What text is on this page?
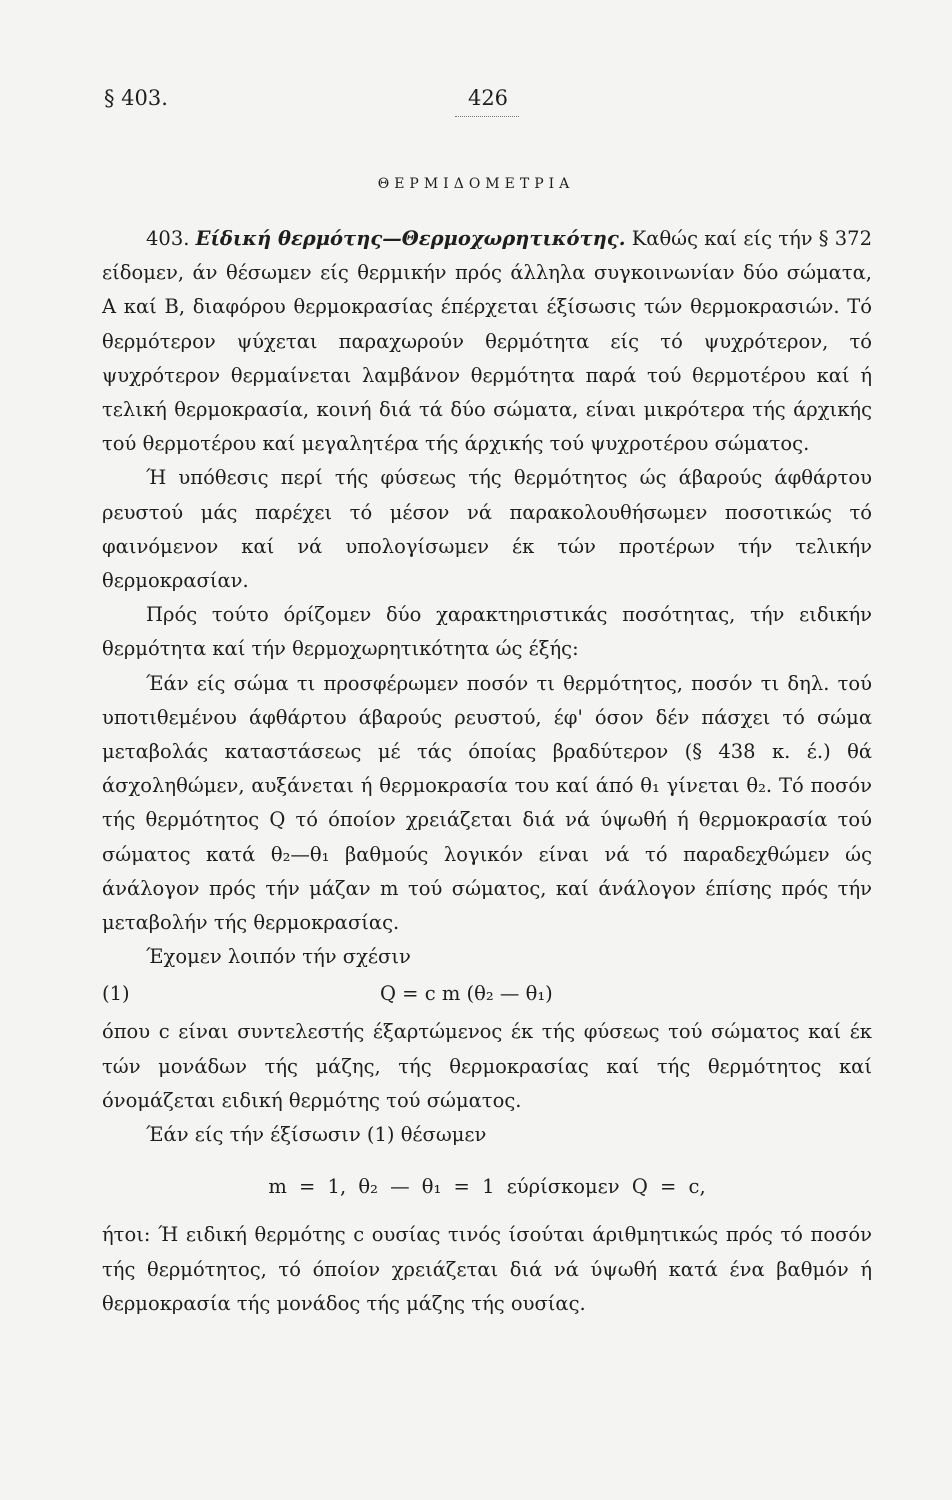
§ 403.	426
ΘΕΡΜΙΔΟΜΕΤΡΙΑ

403. Είδική θερμότης—Θερμοχωρητικότης. Καθώς καί είς τήν § 372 είδομεν, άν θέσωμεν είς θερμικήν πρός άλληλα συγκοινωνίαν δύο σώματα, Α καί Β, διαφόρου θερμοκρασίας έπέρχεται έξίσωσις τών θερμοκρασιών. Τό θερμότερον ψύχεται παραχωρούν θερμότητα είς τό ψυχρότερον, τό ψυχρότερον θερμαίνεται λαμβάνον θερμότητα παρά τού θερμοτέρου καί ή τελική θερμοκρασία, κοινή διά τά δύο σώματα, είναι μικρότερα τής άρχικής τού θερμοτέρου καί μεγαλητέρα τής άρχικής τού ψυχροτέρου σώματος.

Ή υπόθεσις περί τής φύσεως τής θερμότητος ώς άβαρούς άφθάρτου ρευστού μάς παρέχει τό μέσον νά παρακολουθήσωμεν ποσοτικώς τό φαινόμενον καί νά υπολογίσωμεν έκ τών προτέρων τήν τελικήν θερμοκρασίαν.

Πρός τούτο όρίζομεν δύο χαρακτηριστικάς ποσότητας, τήν ειδικήν θερμότητα καί τήν θερμοχωρητικότητα ώς έξής:

Έάν είς σώμα τι προσφέρωμεν ποσόν τι θερμότητος, ποσόν τι δηλ. τού υποτιθεμένου άφθάρτου άβαρούς ρευστού, έφ' όσον δέν πάσχει τό σώμα μεταβολάς καταστάσεως μέ τάς όποίας βραδύτερον (§ 438 κ. έ.) θά άσχοληθώμεν, αυξάνεται ή θερμοκρασία του καί άπό θ₁ γίνεται θ₂. Τό ποσόν τής θερμότητος Q τό όποίον χρειάζεται διά νά ύψωθή ή θερμοκρασία τού σώματος κατά θ₂—θ₁ βαθμούς λογικόν είναι νά τό παραδεχθώμεν ώς άνάλογον πρός τήν μάζαν m τού σώματος, καί άνάλογον έπίσης πρός τήν μεταβολήν τής θερμοκρασίας.

Έχομεν λοιπόν τήν σχέσιν

(1)	Q = c m (θ₂ — θ₁)

όπου c είναι συντελεστής έξαρτώμενος έκ τής φύσεως τού σώματος καί έκ τών μονάδων τής μάζης, τής θερμοκρασίας καί τής θερμότητος καί όνομάζεται ειδική θερμότης τού σώματος.

Έάν είς τήν έξίσωσιν (1) θέσωμεν

m = 1, θ₂ — θ₁ = 1 εύρίσκομεν Q = c,

ήτοι: Ή ειδική θερμότης c ουσίας τινός ίσούται άριθμητικώς πρός τό ποσόν τής θερμότητος, τό όποίον χρειάζεται διά νά ύψωθή κατά ένα βαθμόν ή θερμοκρασία τής μονάδος τής μάζης τής ουσίας.
